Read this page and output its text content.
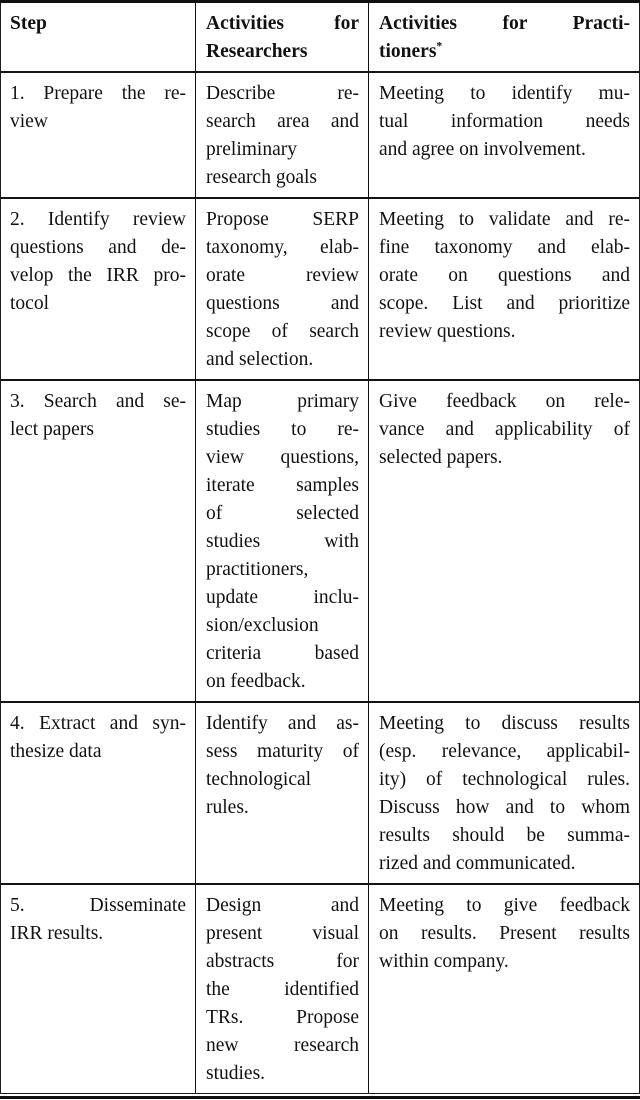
Step	Activities for
Researchers
Activities for Practi-
tioners*
1. Prepare the re-
view
Describe re-
search area and
preliminary
research goals
Meeting to identify mu-
tual information needs
and agree on involvement.
2. Identify review
questions and de-
velop the IRR pro-
tocol
Propose SERP
taxonomy, elab-
orate review
questions and
scope of search
and selection.
Meeting to validate and re-
fine taxonomy and elab-
orate on questions and
scope. List and prioritize
review questions.
3. Search and se-
lect papers
Map primary
studies to re-
view questions,
iterate samples
of selected
studies with
practitioners,
update inclu-
sion/exclusion
criteria based
on feedback.
Give feedback on rele-
vance and applicability of
selected papers.
4. Extract and syn-
thesize data
Identify and as-
sess maturity of
technological
rules.
Meeting to discuss results
(esp. relevance, applicabil-
ity) of technological rules.
Discuss how and to whom
results should be summa-
rized and communicated.
5. Disseminate
IRR results.
Design and
present visual
abstracts for
the identified
TRs. Propose
new research
studies.
Meeting to give feedback
on results. Present results
within company.
